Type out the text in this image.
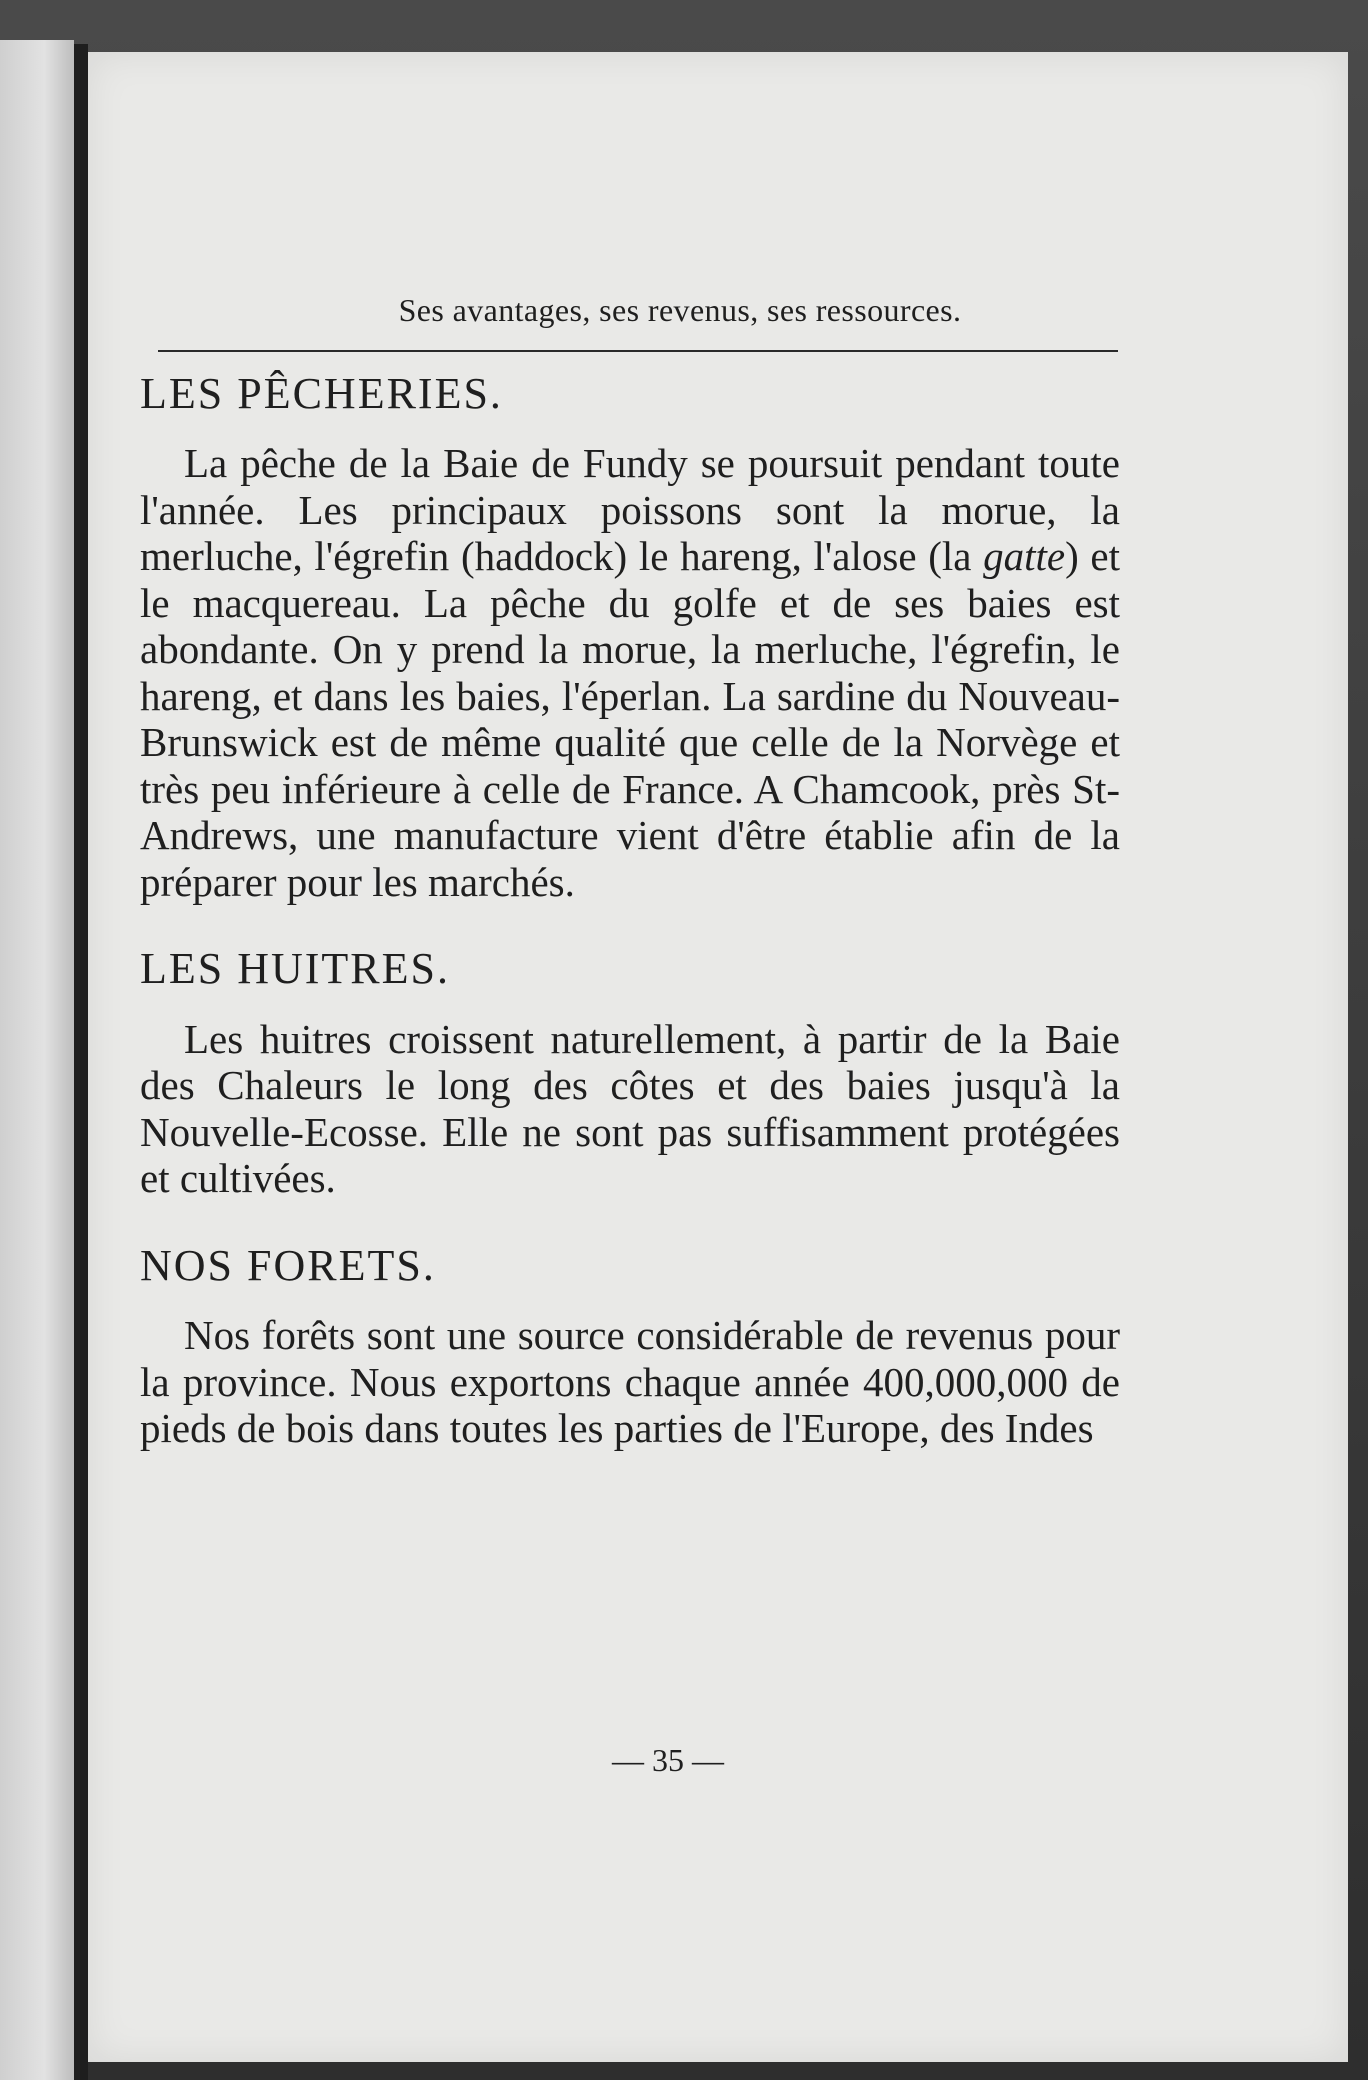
Ses avantages, ses revenus, ses ressources.
LES PÊCHERIES.

La pêche de la Baie de Fundy se poursuit pendant toute l'année. Les principaux poissons sont la morue, la merluche, l'égrefin (haddock) le hareng, l'alose (la gatte) et le macquereau. La pêche du golfe et de ses baies est abondante. On y prend la morue, la merluche, l'égrefin, le hareng, et dans les baies, l'éperlan. La sardine du Nouveau-Brunswick est de même qualité que celle de la Norvège et très peu inférieure à celle de France. A Chamcook, près St-Andrews, une manufacture vient d'être établie afin de la préparer pour les marchés.

LES HUITRES.

Les huitres croissent naturellement, à partir de la Baie des Chaleurs le long des côtes et des baies jusqu'à la Nouvelle-Ecosse. Elle ne sont pas suffisamment protégées et cultivées.

NOS FORETS.

Nos forêts sont une source considérable de revenus pour la province. Nous exportons chaque année 400,000,000 de pieds de bois dans toutes les parties de l'Europe, des Indes

— 35 —
